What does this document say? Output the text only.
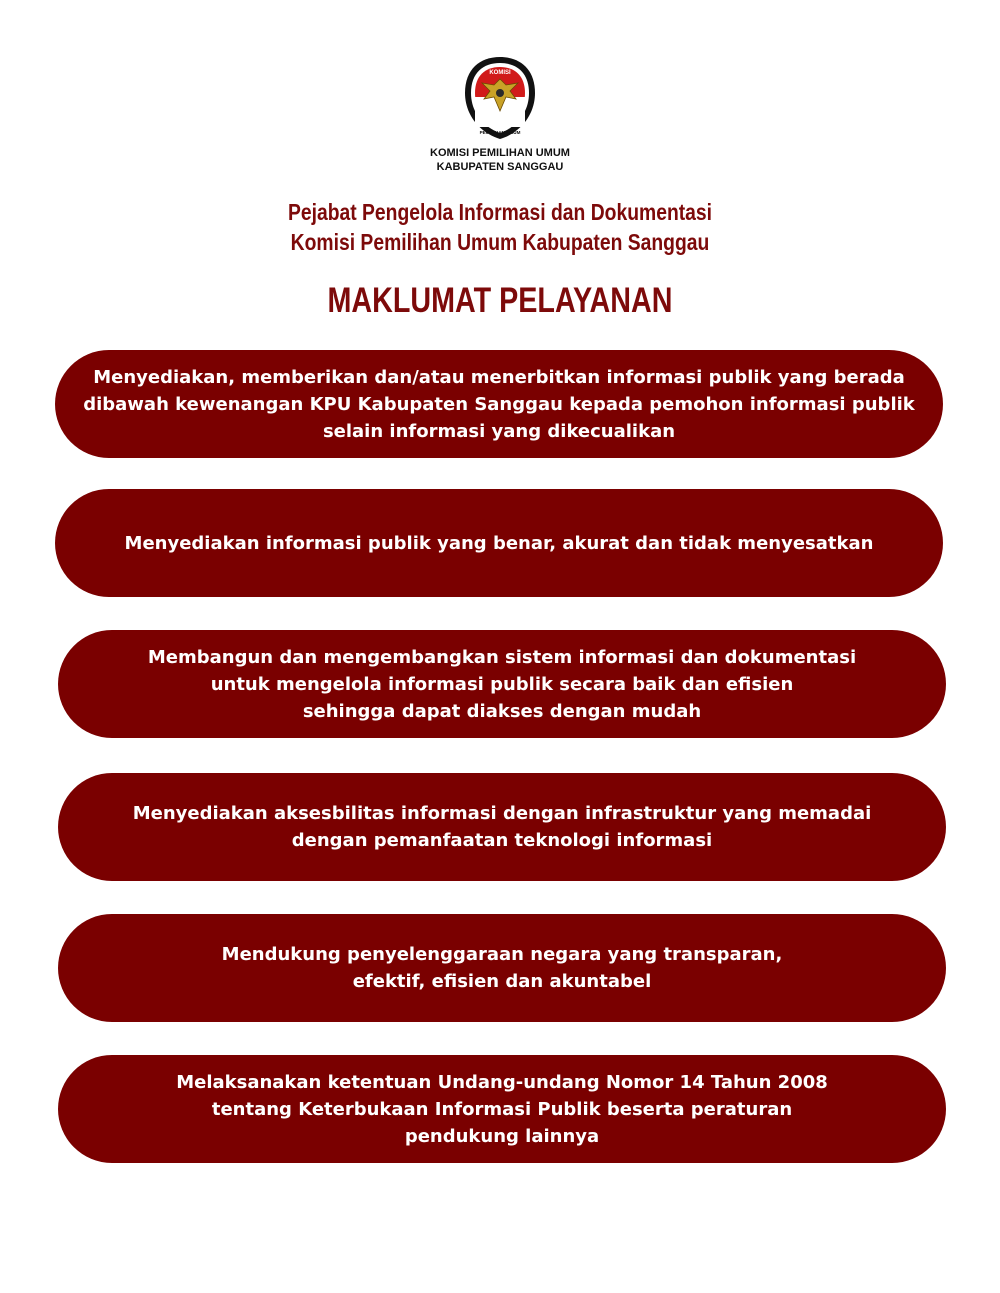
KOMISI
PEMILIHAN UMUM
KOMISI PEMILIHAN UMUM
KABUPATEN SANGGAU
Pejabat Pengelola Informasi dan Dokumentasi
Komisi Pemilihan Umum Kabupaten Sanggau
MAKLUMAT PELAYANAN
Menyediakan, memberikan dan/atau menerbitkan informasi publik yang berada
dibawah kewenangan KPU Kabupaten Sanggau kepada pemohon informasi publik
selain informasi yang dikecualikan
Menyediakan informasi publik yang benar, akurat dan tidak menyesatkan
Membangun dan mengembangkan sistem informasi dan dokumentasi
untuk mengelola informasi publik secara baik dan efisien
sehingga dapat diakses dengan mudah
Menyediakan aksesbilitas informasi dengan infrastruktur yang memadai
dengan pemanfaatan teknologi informasi
Mendukung penyelenggaraan negara yang transparan,
efektif, efisien dan akuntabel
Melaksanakan ketentuan Undang-undang Nomor 14 Tahun 2008
tentang Keterbukaan Informasi Publik beserta peraturan
pendukung lainnya
